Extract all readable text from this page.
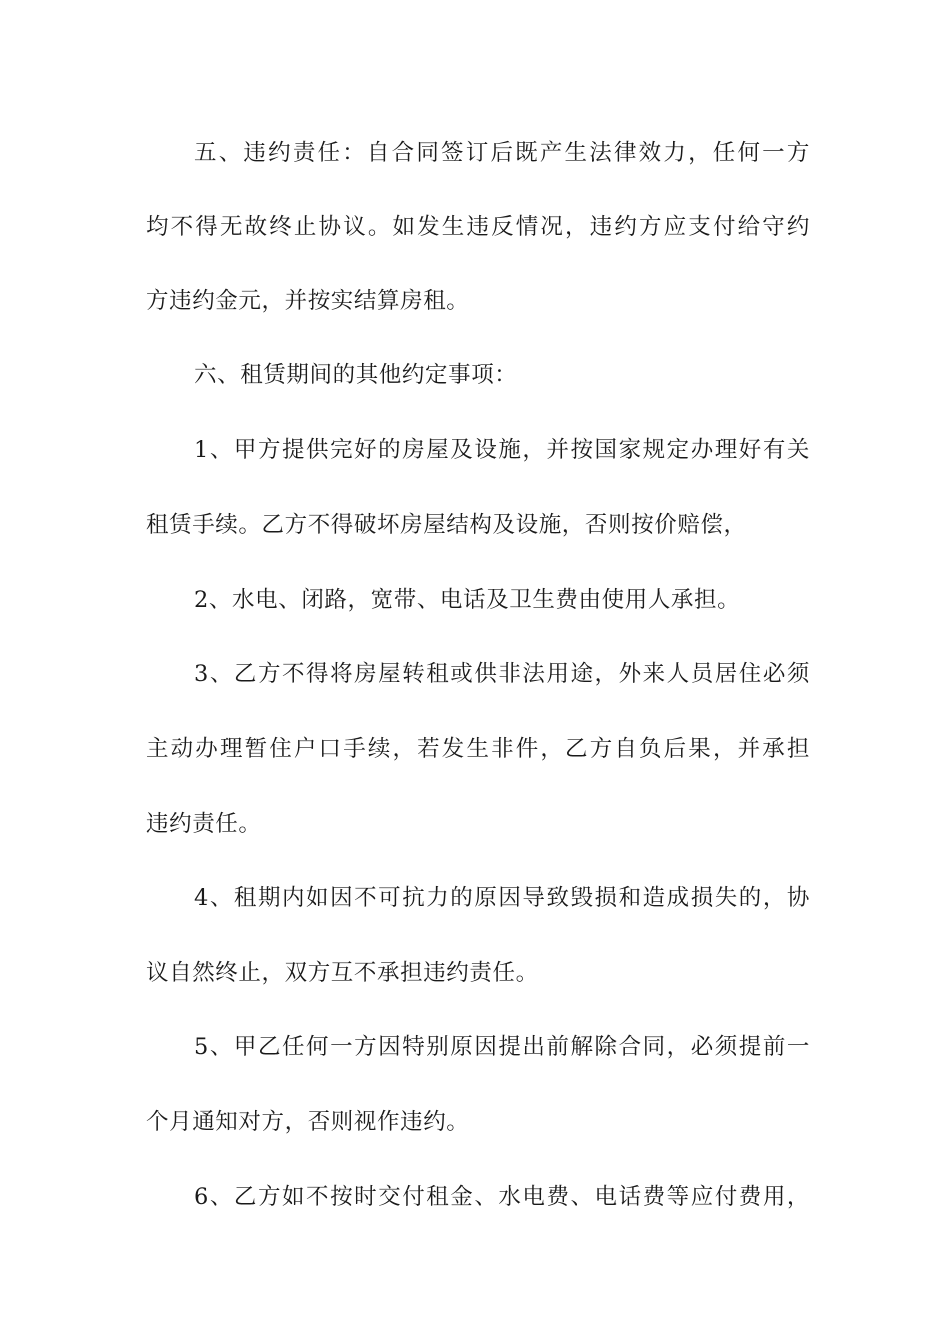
五、违约责任：自合同签订后既产生法律效力，任何一方
均不得无故终止协议。如发生违反情况，违约方应支付给守约
方违约金元，并按实结算房租。
六、租赁期间的其他约定事项：
1、甲方提供完好的房屋及设施，并按国家规定办理好有关
租赁手续。乙方不得破坏房屋结构及设施，否则按价赔偿，
2、水电、闭路，宽带、电话及卫生费由使用人承担。
3、乙方不得将房屋转租或供非法用途，外来人员居住必须
主动办理暂住户口手续，若发生非件，乙方自负后果，并承担
违约责任。
4、租期内如因不可抗力的原因导致毁损和造成损失的，协
议自然终止，双方互不承担违约责任。
5、甲乙任何一方因特别原因提出前解除合同，必须提前一
个月通知对方，否则视作违约。
6、乙方如不按时交付租金、水电费、电话费等应付费用，
